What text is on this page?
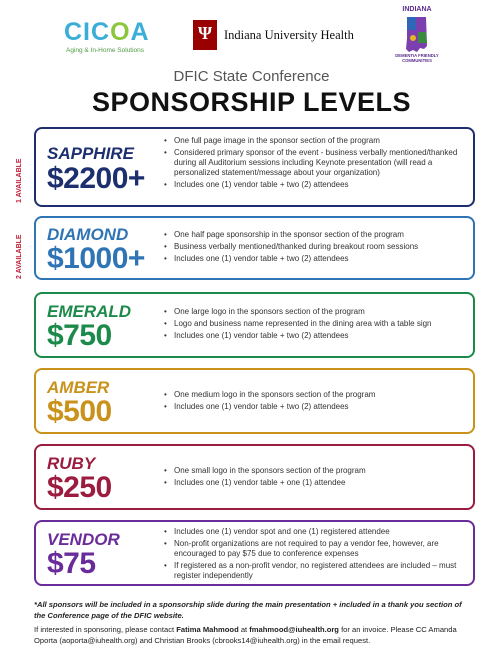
CICOA
Aging & In-Home Solutions
Ψ
HEALTH
Indiana University Health
INDIANA
DEMENTIA FRIENDLY COMMUNITIES
DFIC State Conference
SPONSORSHIP LEVELS
SAPPHIRE
$2200+
• One full page image in the sponsor section of the program
• Considered primary sponsor of the event - business verbally mentioned/thanked during all Auditorium sessions including Keynote presentation (will read a personalized statement/message about your organization)
• Includes one (1) vendor table + two (2) attendees
1 AVAILABLE
DIAMOND
$1000+
• One half page sponsorship in the sponsor section of the program
• Business verbally mentioned/thanked during breakout room sessions
• Includes one (1) vendor table + two (2) attendees
2 AVAILABLE
EMERALD
$750
• One large logo in the sponsors section of the program
• Logo and business name represented in the dining area with a table sign
• Includes one (1) vendor table + two (2) attendees
AMBER
$500
• One medium logo in the sponsors section of the program
• Includes one (1) vendor table + two (2) attendees
RUBY
$250
• One small logo in the sponsors section of the program
• Includes one (1) vendor table + one (1) attendee
VENDOR
$75
• Includes one (1) vendor spot and one (1) registered attendee
• Non-profit organizations are not required to pay a vendor fee, however, are encouraged to pay $75 due to conference expenses
• If registered as a non-profit vendor, no registered attendees are included – must register independently
*All sponsors will be included in a sponsorship slide during the main presentation + included in a thank you section of the Conference page of the DFIC website.
If interested in sponsoring, please contact Fatima Mahmood at fmahmood@iuhealth.org for an invoice. Please CC Amanda Oporta (aoporta@iuhealth.org) and Christian Brooks (cbrooks14@iuhealth.org) in the email request.
